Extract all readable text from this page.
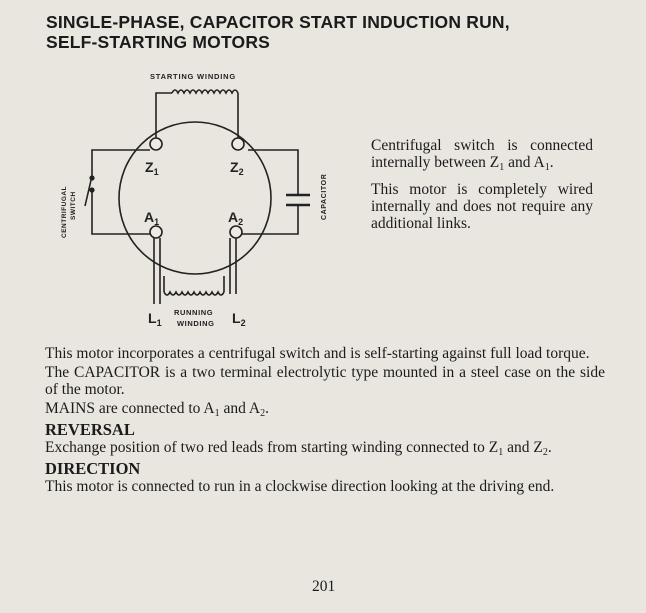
SINGLE-PHASE, CAPACITOR START INDUCTION RUN,
SELF-STARTING MOTORS
STARTING WINDING
$Z_1$	$Z_2$
$A_1$	$A_2$
$L_1$	$L_2$
RUNNING
WINDING
CENTRIFUGAL SWITCH	CAPACITOR

Centrifugal switch is connected internally between $Z_1$ and $A_1$.

This motor is completely wired internally and does not require any additional links.

This motor incorporates a centrifugal switch and is self-starting against full load torque.

The CAPACITOR is a two terminal electrolytic type mounted in a steel case on the side of the motor.

MAINS are connected to $A_1$ and $A_2$.

REVERSAL

Exchange position of two red leads from starting winding connected to $Z_1$ and $Z_2$.

DIRECTION

This motor is connected to run in a clockwise direction looking at the driving end.

201
